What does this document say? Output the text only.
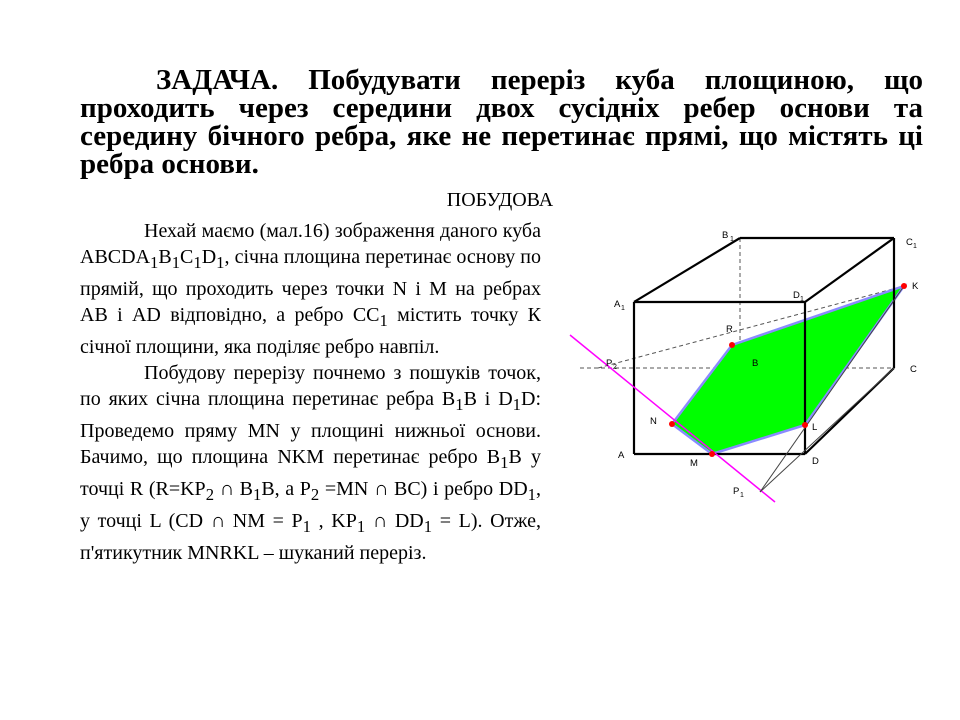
ЗАДАЧА. Побудувати переріз куба площиною, що проходить через середини двох сусідніх ребер основи та середину бічного ребра, яке не перетинає прямі, що містять ці ребра основи.

ПОБУДОВА

Нехай маємо (мал.16) зображення даного куба $ABCDA_1B_1C_1D_1$, січна площина перетинає основу по прямій, що проходить через точки N і M на ребрах AB і AD відповідно, а ребро $CC_1$ містить точку К січної площини, яка поділяє ребро навпіл.

Побудову перерізу почнемо з пошуків точок, по яких січна площина перетинає ребра $B_1B$ і $D_1D$: Проведемо пряму MN у площині нижньої основи. Бачимо, що площина NKM перетинає ребро $B_1B$ у точці R ($R=KP_2$ ∩ $B_1B$, а $P_2 =MN$ ∩ BC) і ребро $DD_1$, у точці L (CD ∩ NM = $P_1$ , $KP_1$ ∩ $DD_1 = L$). Отже, п'ятикутник MNRKL – шуканий переріз.

B 1	C 1
A 1
D 1
K
R
B
C
P 2
N
L
A
M	D
P 1
